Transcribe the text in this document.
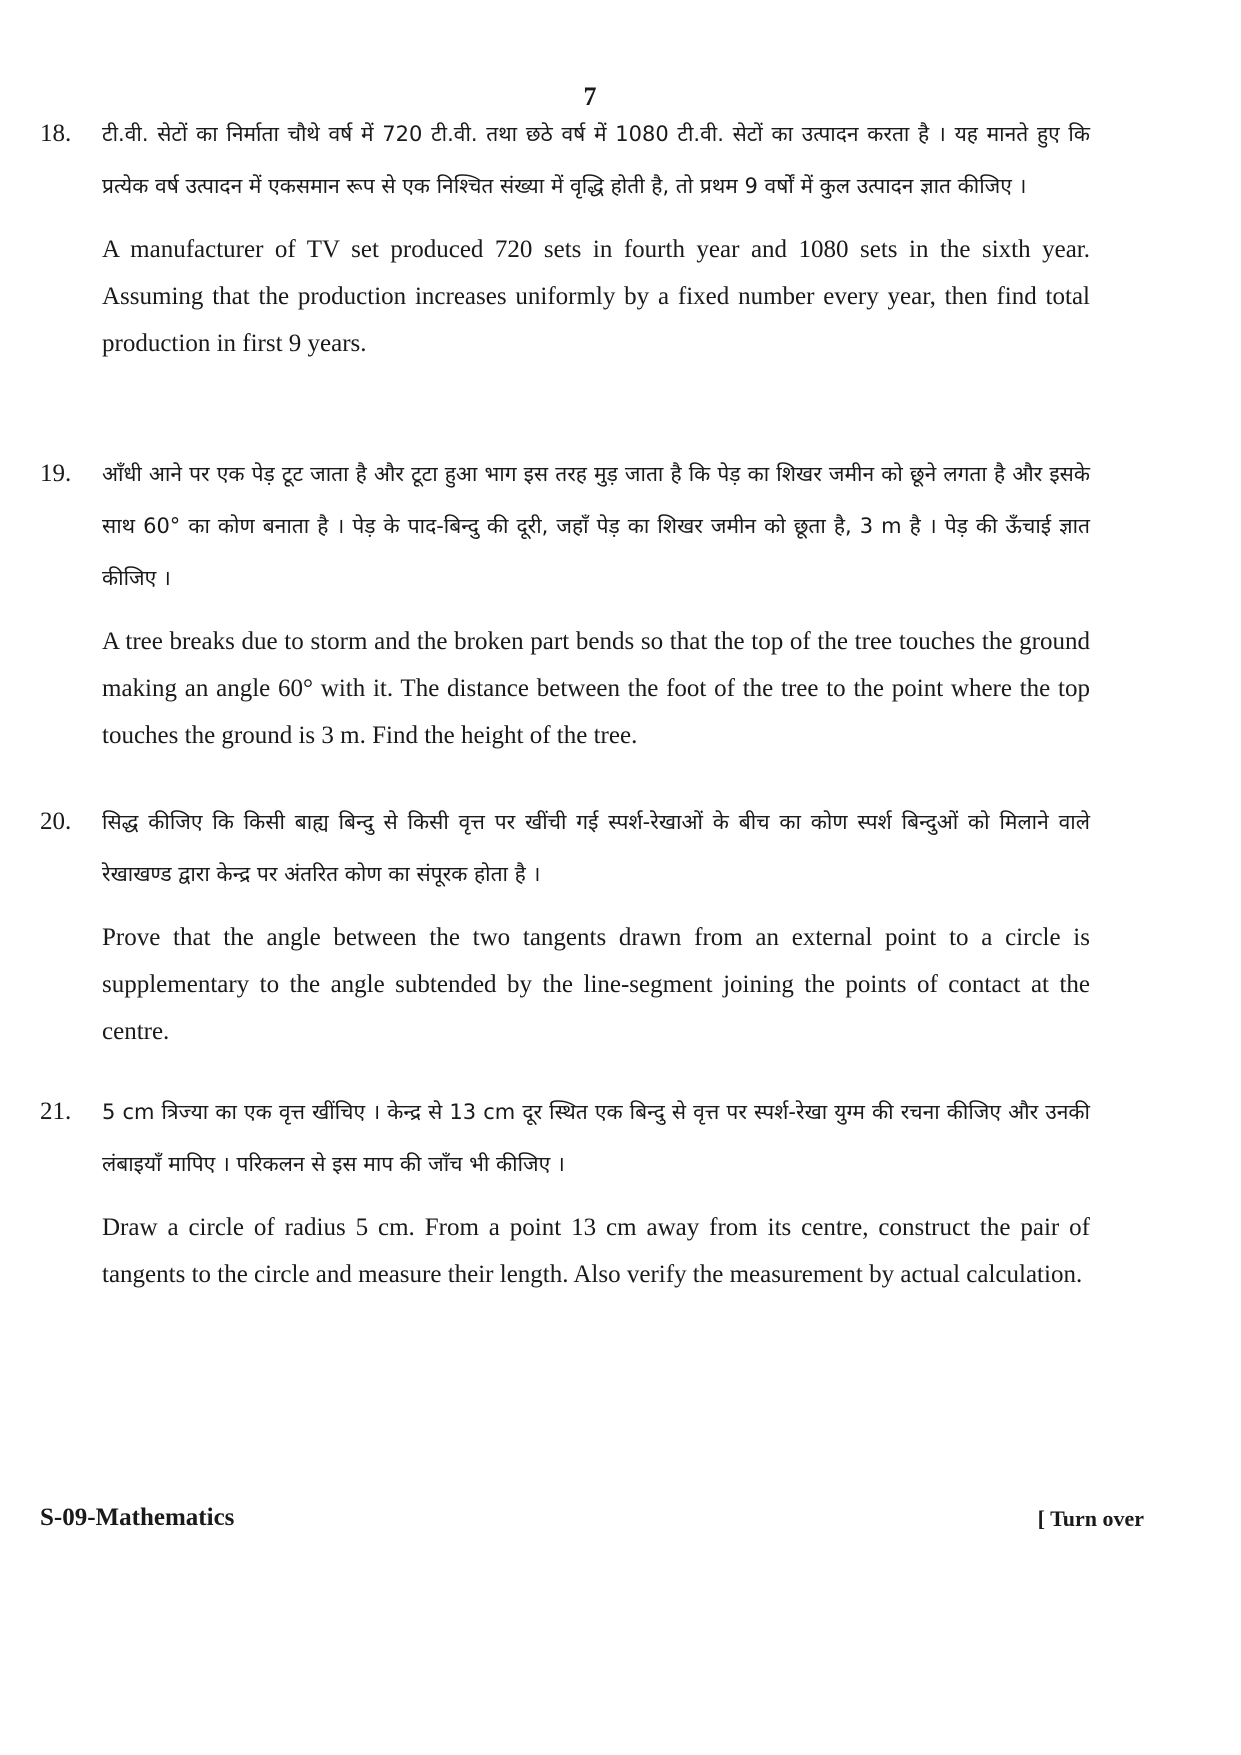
7
18. टी.वी. सेटों का निर्माता चौथे वर्ष में 720 टी.वी. तथा छठे वर्ष में 1080 टी.वी. सेटों का उत्पादन करता है । यह मानते हुए कि प्रत्येक वर्ष उत्पादन में एकसमान रूप से एक निश्चित संख्या में वृद्धि होती है, तो प्रथम 9 वर्षों में कुल उत्पादन ज्ञात कीजिए ।

A manufacturer of TV set produced 720 sets in fourth year and 1080 sets in the sixth year. Assuming that the production increases uniformly by a fixed number every year, then find total production in first 9 years.

19. आँधी आने पर एक पेड़ टूट जाता है और टूटा हुआ भाग इस तरह मुड़ जाता है कि पेड़ का शिखर जमीन को छूने लगता है और इसके साथ 60° का कोण बनाता है । पेड़ के पाद-बिन्दु की दूरी, जहाँ पेड़ का शिखर जमीन को छूता है, 3 m है । पेड़ की ऊँचाई ज्ञात कीजिए ।

A tree breaks due to storm and the broken part bends so that the top of the tree touches the ground making an angle 60° with it. The distance between the foot of the tree to the point where the top touches the ground is 3 m. Find the height of the tree.

20. सिद्ध कीजिए कि किसी बाह्य बिन्दु से किसी वृत्त पर खींची गई स्पर्श-रेखाओं के बीच का कोण स्पर्श बिन्दुओं को मिलाने वाले रेखाखण्ड द्वारा केन्द्र पर अंतरित कोण का संपूरक होता है ।

Prove that the angle between the two tangents drawn from an external point to a circle is supplementary to the angle subtended by the line-segment joining the points of contact at the centre.

21. 5 cm त्रिज्या का एक वृत्त खींचिए । केन्द्र से 13 cm दूर स्थित एक बिन्दु से वृत्त पर स्पर्श-रेखा युग्म की रचना कीजिए और उनकी लंबाइयाँ मापिए । परिकलन से इस माप की जाँच भी कीजिए ।

Draw a circle of radius 5 cm. From a point 13 cm away from its centre, construct the pair of tangents to the circle and measure their length. Also verify the measurement by actual calculation.

S-09-Mathematics	[ Turn over
